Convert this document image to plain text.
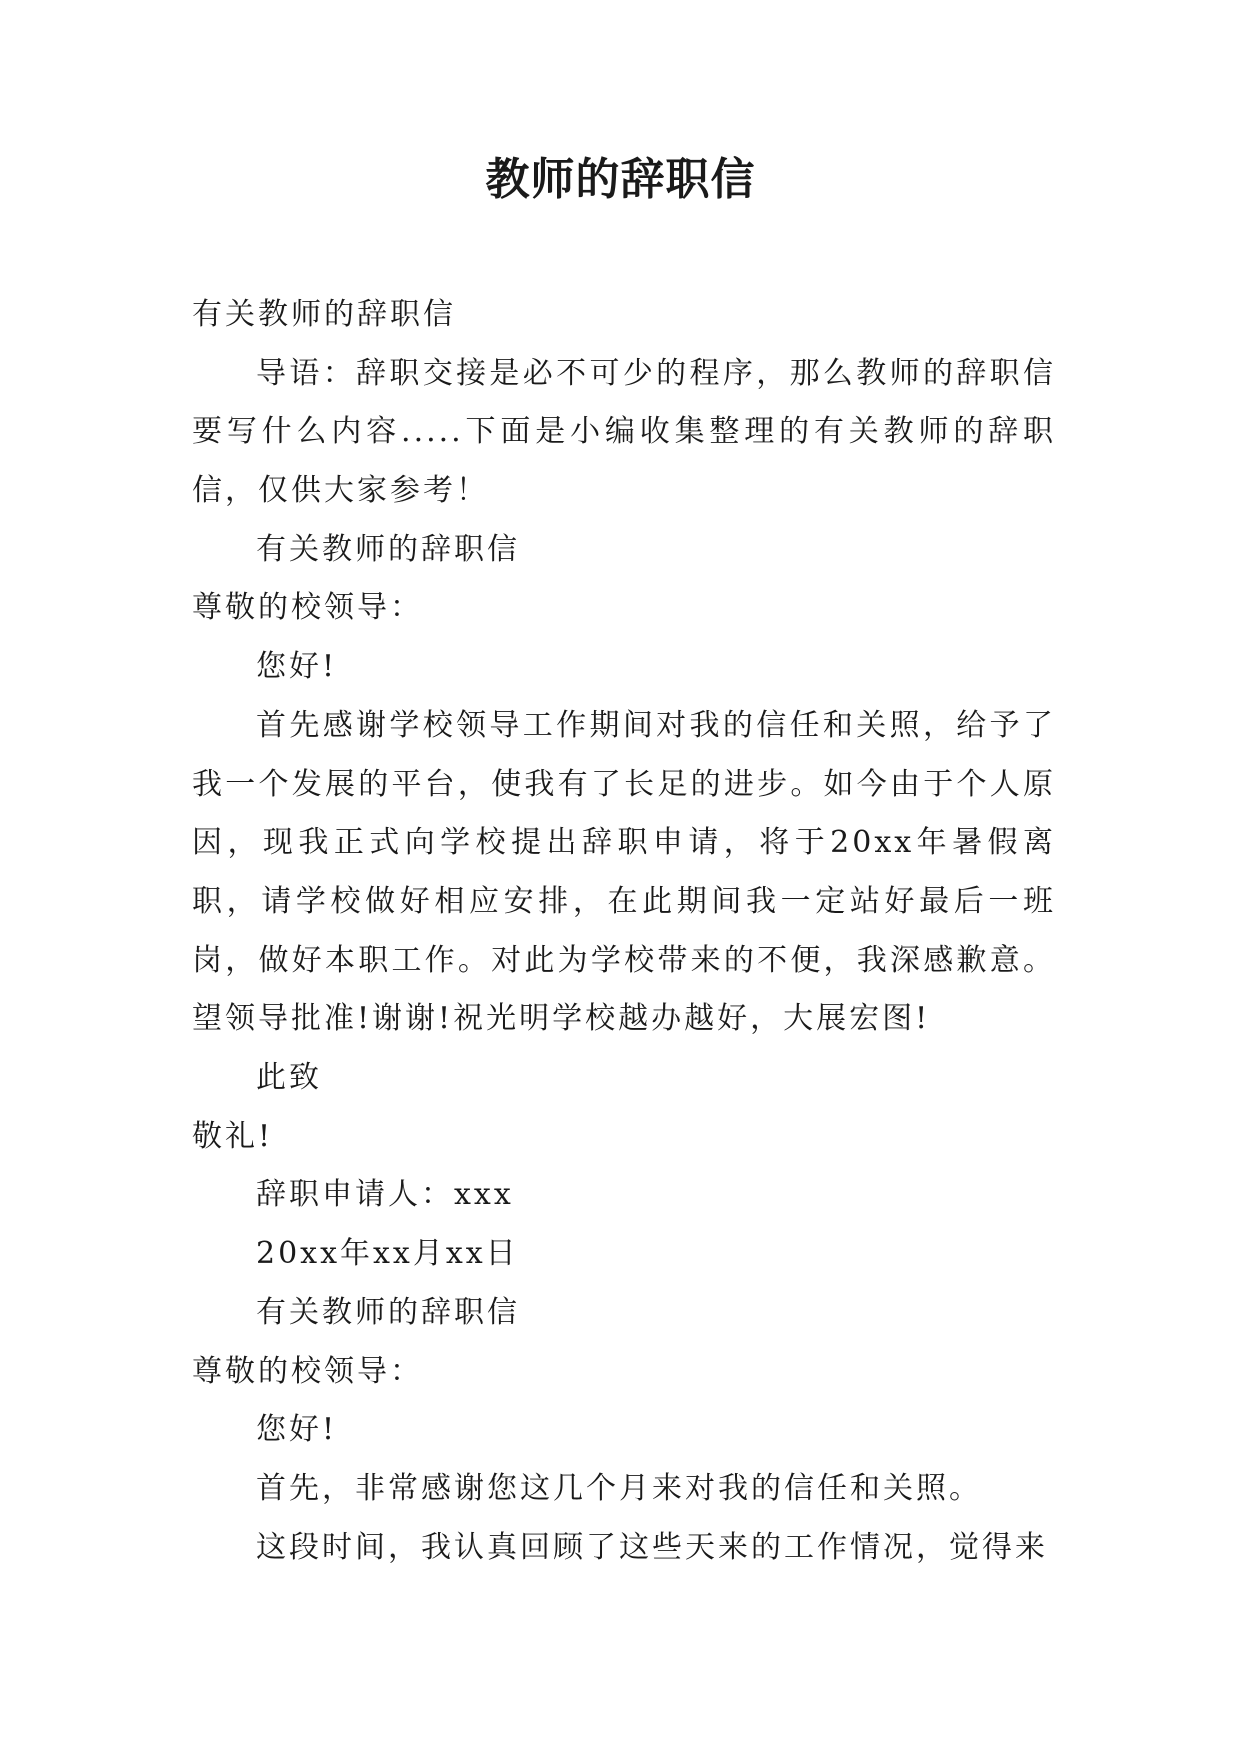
教师的辞职信
有关教师的辞职信

导语：辞职交接是必不可少的程序，那么教师的辞职信要写什么内容.....下面是小编收集整理的有关教师的辞职信，仅供大家参考！

有关教师的辞职信
尊敬的校领导：
您好!

首先感谢学校领导工作期间对我的信任和关照，给予了我一个发展的平台，使我有了长足的进步。如今由于个人原因，现我正式向学校提出辞职申请，将于20xx年暑假离职，请学校做好相应安排，在此期间我一定站好最后一班岗，做好本职工作。对此为学校带来的不便，我深感歉意。望领导批准!谢谢!祝光明学校越办越好，大展宏图!

此致
敬礼!
辞职申请人：xxx
20xx年xx月xx日
有关教师的辞职信
尊敬的校领导：
您好!
首先，非常感谢您这几个月来对我的信任和关照。
这段时间，我认真回顾了这些天来的工作情况，觉得来
